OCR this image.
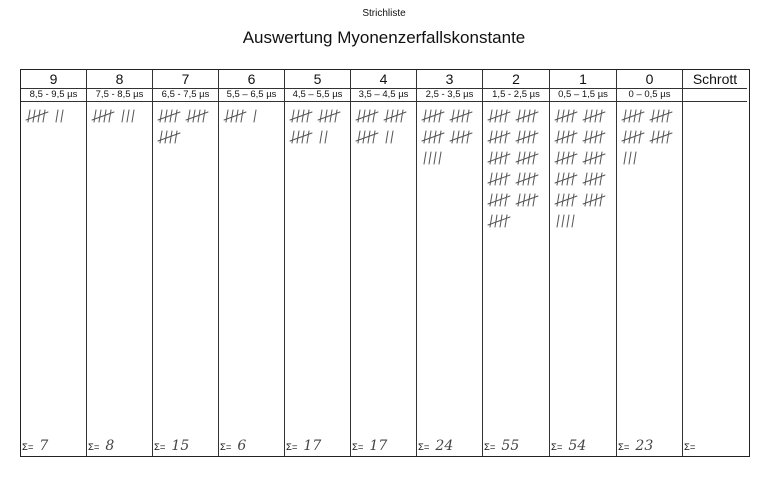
Strichliste
Auswertung Myonenzerfallskonstante
9
8,5 - 9,5 µs
Σ= 7
8
7,5 - 8,5 µs
Σ= 8
7
6,5 - 7,5 µs
Σ= 15
6
5,5 – 6,5 µs
Σ= 6
5
4,5 – 5,5 µs
Σ= 17
4
3,5 – 4,5 µs
Σ= 17
3
2,5 - 3,5 µs
Σ= 24
2
1,5 - 2,5 µs
Σ= 55
1
0,5 – 1,5 µs
Σ= 54
0
0 – 0,5 µs
Σ= 23
Schrott
Σ=
